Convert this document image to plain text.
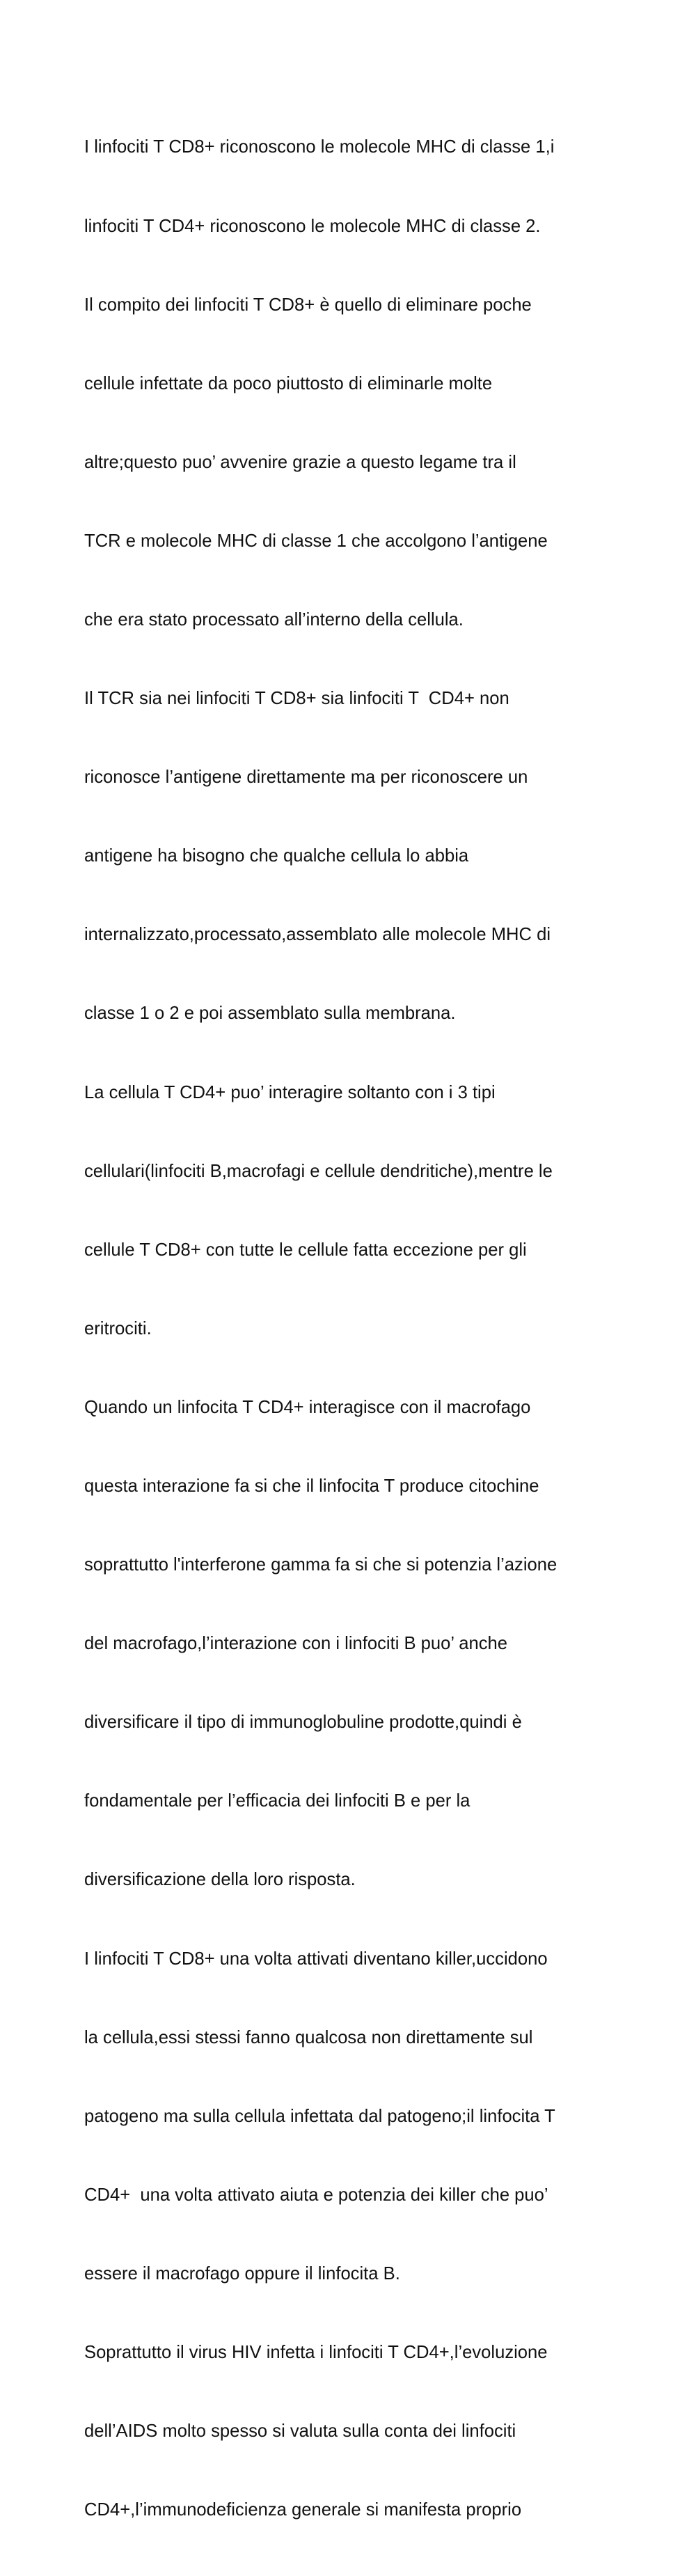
I linfociti T CD8+ riconoscono le molecole MHC di classe 1,i

linfociti T CD4+ riconoscono le molecole MHC di classe 2.

Il compito dei linfociti T CD8+ è quello di eliminare poche

cellule infettate da poco piuttosto di eliminarle molte

altre;questo puo’ avvenire grazie a questo legame tra il

TCR e molecole MHC di classe 1 che accolgono l’antigene

che era stato processato all’interno della cellula.

Il TCR sia nei linfociti T CD8+ sia linfociti T  CD4+ non

riconosce l’antigene direttamente ma per riconoscere un

antigene ha bisogno che qualche cellula lo abbia

internalizzato,processato,assemblato alle molecole MHC di

classe 1 o 2 e poi assemblato sulla membrana.

La cellula T CD4+ puo’ interagire soltanto con i 3 tipi

cellulari(linfociti B,macrofagi e cellule dendritiche),mentre le

cellule T CD8+ con tutte le cellule fatta eccezione per gli

eritrociti.

Quando un linfocita T CD4+ interagisce con il macrofago

questa interazione fa si che il linfocita T produce citochine

soprattutto l'interferone gamma fa si che si potenzia l’azione

del macrofago,l’interazione con i linfociti B puo’ anche

diversificare il tipo di immunoglobuline prodotte,quindi è

fondamentale per l’efficacia dei linfociti B e per la

diversificazione della loro risposta.

I linfociti T CD8+ una volta attivati diventano killer,uccidono

la cellula,essi stessi fanno qualcosa non direttamente sul

patogeno ma sulla cellula infettata dal patogeno;il linfocita T

CD4+  una volta attivato aiuta e potenzia dei killer che puo’

essere il macrofago oppure il linfocita B.

Soprattutto il virus HIV infetta i linfociti T CD4+,l’evoluzione

dell’AIDS molto spesso si valuta sulla conta dei linfociti

CD4+,l’immunodeficienza generale si manifesta proprio
